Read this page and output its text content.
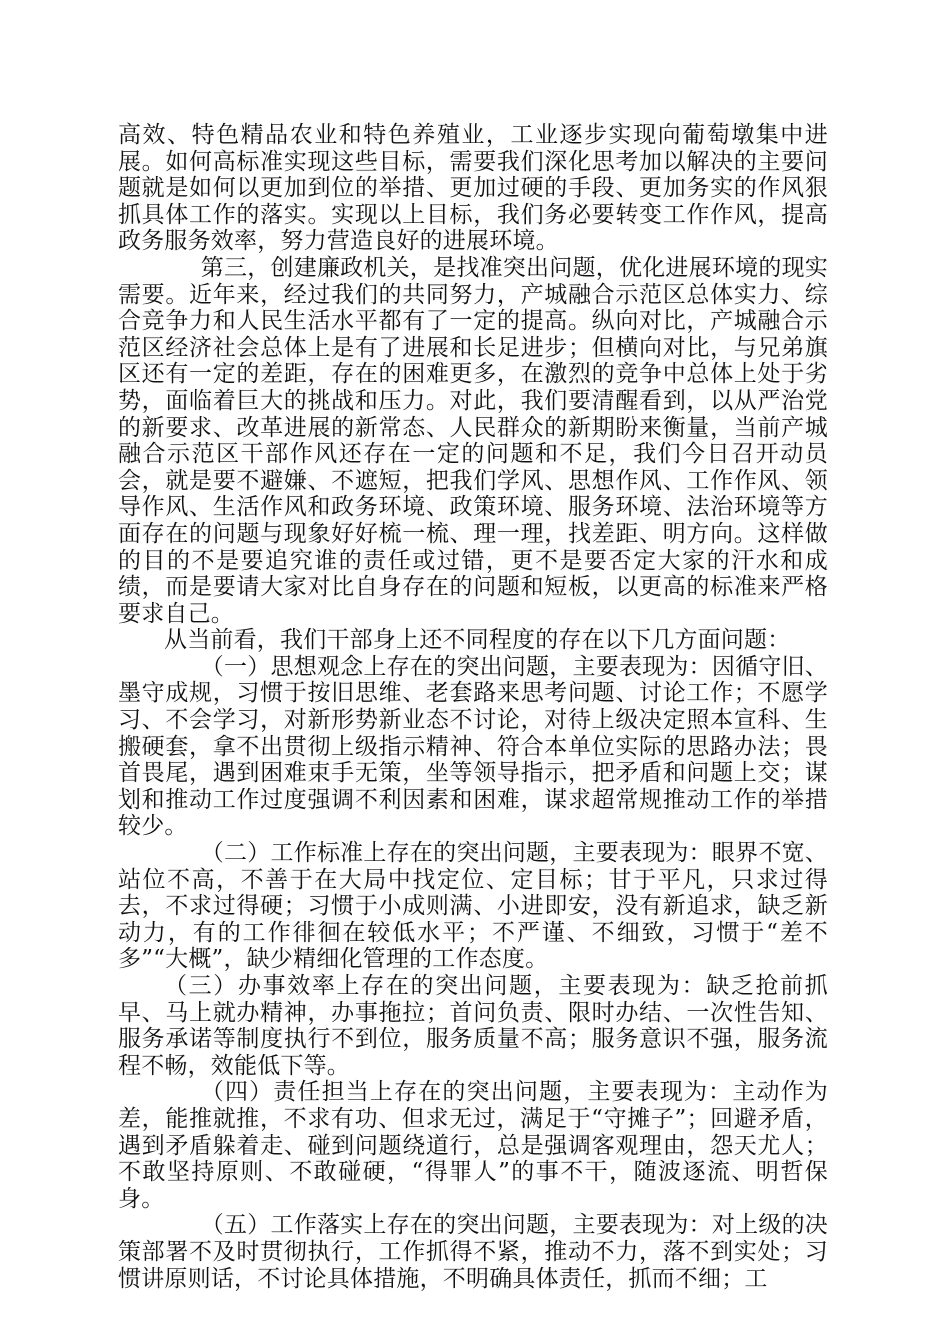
高效、特色精品农业和特色养殖业，工业逐步实现向葡萄墩集中进展。如何高标准实现这些目标，需要我们深化思考加以解决的主要问题就是如何以更加到位的举措、更加过硬的手段、更加务实的作风狠抓具体工作的落实。实现以上目标，我们务必要转变工作作风，提高政务服务效率，努力营造良好的进展环境。

第三，创建廉政机关，是找准突出问题，优化进展环境的现实需要。近年来，经过我们的共同努力，产城融合示范区总体实力、综合竞争力和人民生活水平都有了一定的提高。纵向对比，产城融合示范区经济社会总体上是有了进展和长足进步；但横向对比，与兄弟旗区还有一定的差距，存在的困难更多，在激烈的竞争中总体上处于劣势，面临着巨大的挑战和压力。对此，我们要清醒看到，以从严治党的新要求、改革进展的新常态、人民群众的新期盼来衡量，当前产城融合示范区干部作风还存在一定的问题和不足，我们今日召开动员会，就是要不避嫌、不遮短，把我们学风、思想作风、工作作风、领导作风、生活作风和政务环境、政策环境、服务环境、法治环境等方面存在的问题与现象好好梳一梳、理一理，找差距、明方向。这样做的目的不是要追究谁的责任或过错，更不是要否定大家的汗水和成绩，而是要请大家对比自身存在的问题和短板，以更高的标准来严格要求自己。

从当前看，我们干部身上还不同程度的存在以下几方面问题：

（一）思想观念上存在的突出问题，主要表现为：因循守旧、墨守成规，习惯于按旧思维、老套路来思考问题、讨论工作；不愿学习、不会学习，对新形势新业态不讨论，对待上级决定照本宣科、生搬硬套，拿不出贯彻上级指示精神、符合本单位实际的思路办法；畏首畏尾，遇到困难束手无策，坐等领导指示，把矛盾和问题上交；谋划和推动工作过度强调不利因素和困难，谋求超常规推动工作的举措较少。

（二）工作标准上存在的突出问题，主要表现为：眼界不宽、站位不高，不善于在大局中找定位、定目标；甘于平凡，只求过得去，不求过得硬；习惯于小成则满、小进即安，没有新追求，缺乏新动力，有的工作徘徊在较低水平；不严谨、不细致，习惯于“差不多”“大概”，缺少精细化管理的工作态度。

（三）办事效率上存在的突出问题，主要表现为：缺乏抢前抓早、马上就办精神，办事拖拉；首问负责、限时办结、一次性告知、服务承诺等制度执行不到位，服务质量不高；服务意识不强，服务流程不畅，效能低下等。

（四）责任担当上存在的突出问题，主要表现为：主动作为差，能推就推，不求有功、但求无过，满足于“守摊子”；回避矛盾，遇到矛盾躲着走、碰到问题绕道行，总是强调客观理由，怨天尤人；不敢坚持原则、不敢碰硬，“得罪人”的事不干，随波逐流、明哲保身。

（五）工作落实上存在的突出问题，主要表现为：对上级的决策部署不及时贯彻执行，工作抓得不紧，推动不力，落不到实处；习惯讲原则话，不讨论具体措施，不明确具体责任，抓而不细；工
